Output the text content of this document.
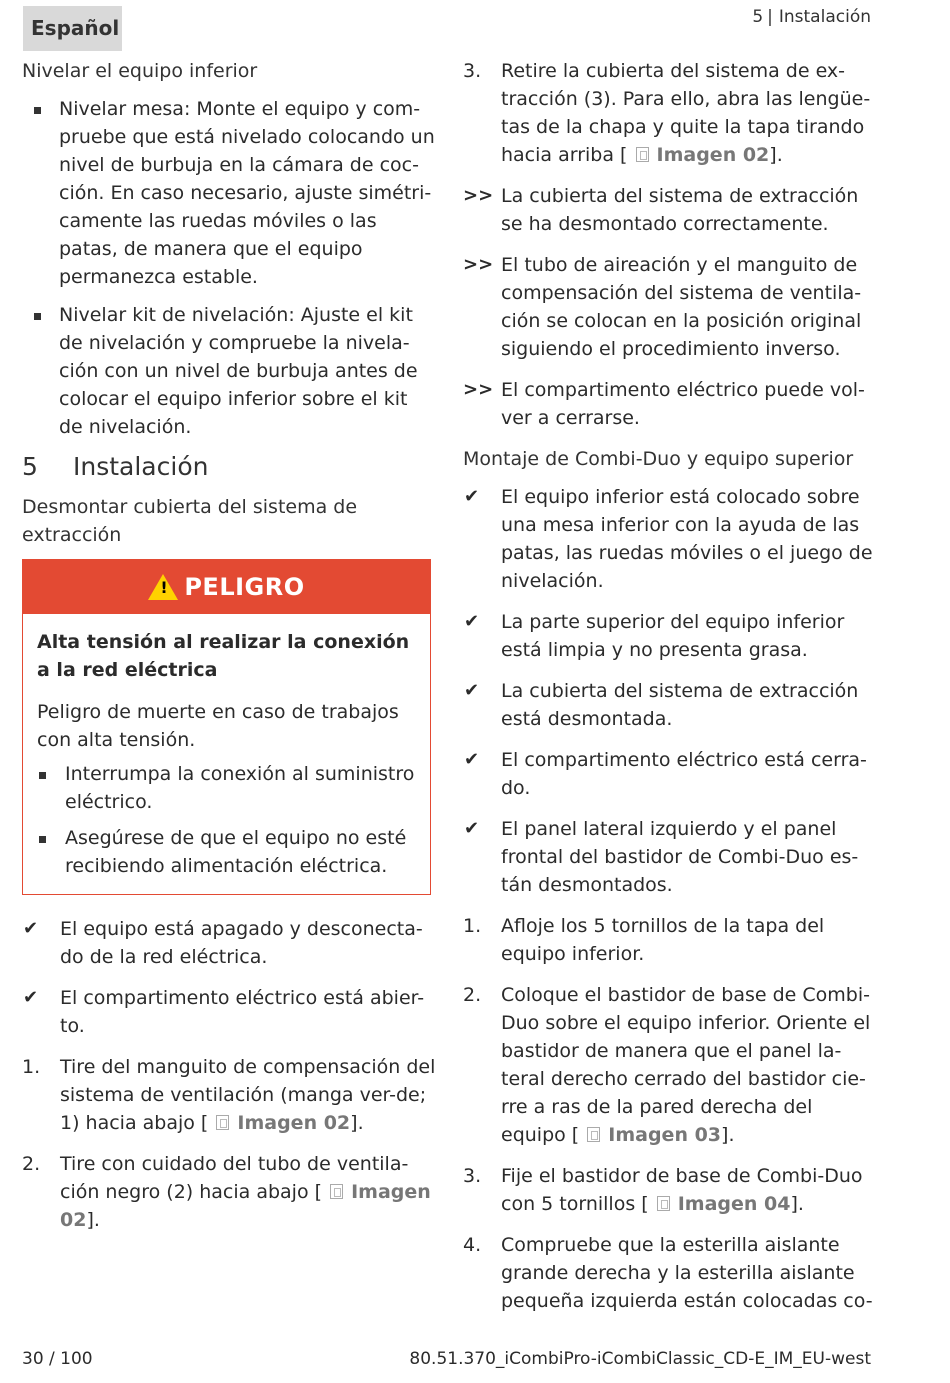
Español	5 | Instalación
Nivelar el equipo inferior
Nivelar mesa: Monte el equipo y com-pruebe que está nivelado colocando un nivel de burbuja en la cámara de coc-ción. En caso necesario, ajuste simétri-camente las ruedas móviles o las patas, de manera que el equipo permanezca estable.
Nivelar kit de nivelación: Ajuste el kit de nivelación y compruebe la nivela-ción con un nivel de burbuja antes de colocar el equipo inferior sobre el kit de nivelación.
5 Instalación
Desmontar cubierta del sistema de extracción
! PELIGRO
Alta tensión al realizar la conexión a la red eléctrica
Peligro de muerte en caso de trabajos con alta tensión.
Interrumpa la conexión al suministro eléctrico.
Asegúrese de que el equipo no esté recibiendo alimentación eléctrica.
✔ El equipo está apagado y desconecta-do de la red eléctrica.
✔ El compartimento eléctrico está abier-to.
1. Tire del manguito de compensación del sistema de ventilación (manga ver-de; 1) hacia abajo [ Imagen 02].
2. Tire con cuidado del tubo de ventila-ción negro (2) hacia abajo [ Imagen 02].
3. Retire la cubierta del sistema de ex-tracción (3). Para ello, abra las lengüe-tas de la chapa y quite la tapa tirando hacia arriba [ Imagen 02].
>> La cubierta del sistema de extracción se ha desmontado correctamente.
>> El tubo de aireación y el manguito de compensación del sistema de ventila-ción se colocan en la posición original siguiendo el procedimiento inverso.
>> El compartimento eléctrico puede vol-ver a cerrarse.
Montaje de Combi-Duo y equipo superior
✔ El equipo inferior está colocado sobre una mesa inferior con la ayuda de las patas, las ruedas móviles o el juego de nivelación.
✔ La parte superior del equipo inferior está limpia y no presenta grasa.
✔ La cubierta del sistema de extracción está desmontada.
✔ El compartimento eléctrico está cerra-do.
✔ El panel lateral izquierdo y el panel frontal del bastidor de Combi-Duo es-tán desmontados.
1. Afloje los 5 tornillos de la tapa del equipo inferior.
2. Coloque el bastidor de base de Combi-Duo sobre el equipo inferior. Oriente el bastidor de manera que el panel la-teral derecho cerrado del bastidor cie-rre a ras de la pared derecha del equipo [ Imagen 03].
3. Fije el bastidor de base de Combi-Duo con 5 tornillos [ Imagen 04].
4. Compruebe que la esterilla aislante grande derecha y la esterilla aislante pequeña izquierda están colocadas co-
30 / 100	80.51.370_iCombiPro-iCombiClassic_CD-E_IM_EU-west
